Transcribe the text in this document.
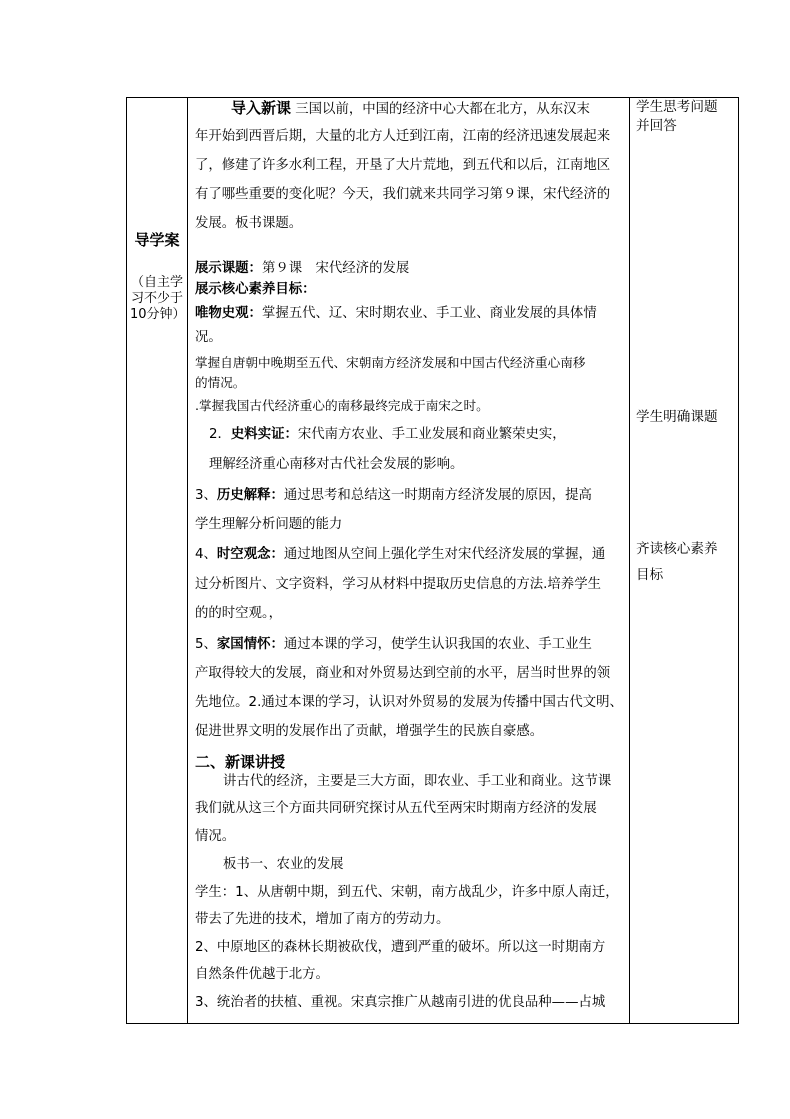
导学案
（自主学习不少于10分钟）
导入新课 三国以前，中国的经济中心大都在北方，从东汉末
年开始到西晋后期，大量的北方人迁到江南，江南的经济迅速发展起来
了，修建了许多水利工程，开垦了大片荒地，到五代和以后，江南地区
有了哪些重要的变化呢？今天，我们就来共同学习第９课，宋代经济的
发展。板书课题。
展示课题：第９课　宋代经济的发展
展示核心素养目标：
唯物史观：掌握五代、辽、宋时期农业、手工业、商业发展的具体情
况。
掌握自唐朝中晚期至五代、宋朝南方经济发展和中国古代经济重心南移
的情况。
.掌握我国古代经济重心的南移最终完成于南宋之时。
2．史料实证：宋代南方农业、手工业发展和商业繁荣史实，
理解经济重心南移对古代社会发展的影响。
3、历史解释：通过思考和总结这一时期南方经济发展的原因，提高
学生理解分析问题的能力
4、时空观念：通过地图从空间上强化学生对宋代经济发展的掌握，通
过分析图片、文字资料，学习从材料中提取历史信息的方法.培养学生
的的时空观。，
5、家国情怀：通过本课的学习，使学生认识我国的农业、手工业生
产取得较大的发展，商业和对外贸易达到空前的水平，居当时世界的领
先地位。2.通过本课的学习，认识对外贸易的发展为传播中国古代文明、
促进世界文明的发展作出了贡献，增强学生的民族自豪感。
二、新课讲授
讲古代的经济，主要是三大方面，即农业、手工业和商业。这节课
我们就从这三个方面共同研究探讨从五代至两宋时期南方经济的发展
情况。
板书一、农业的发展
学生：1、从唐朝中期，到五代、宋朝，南方战乱少，许多中原人南迁，
带去了先进的技术，增加了南方的劳动力。
2、中原地区的森林长期被砍伐，遭到严重的破坏。所以这一时期南方
自然条件优越于北方。
3、统治者的扶植、重视。宋真宗推广从越南引进的优良品种——占城
学生思考问题
并回答
学生明确课题
齐读核心素养
目标
